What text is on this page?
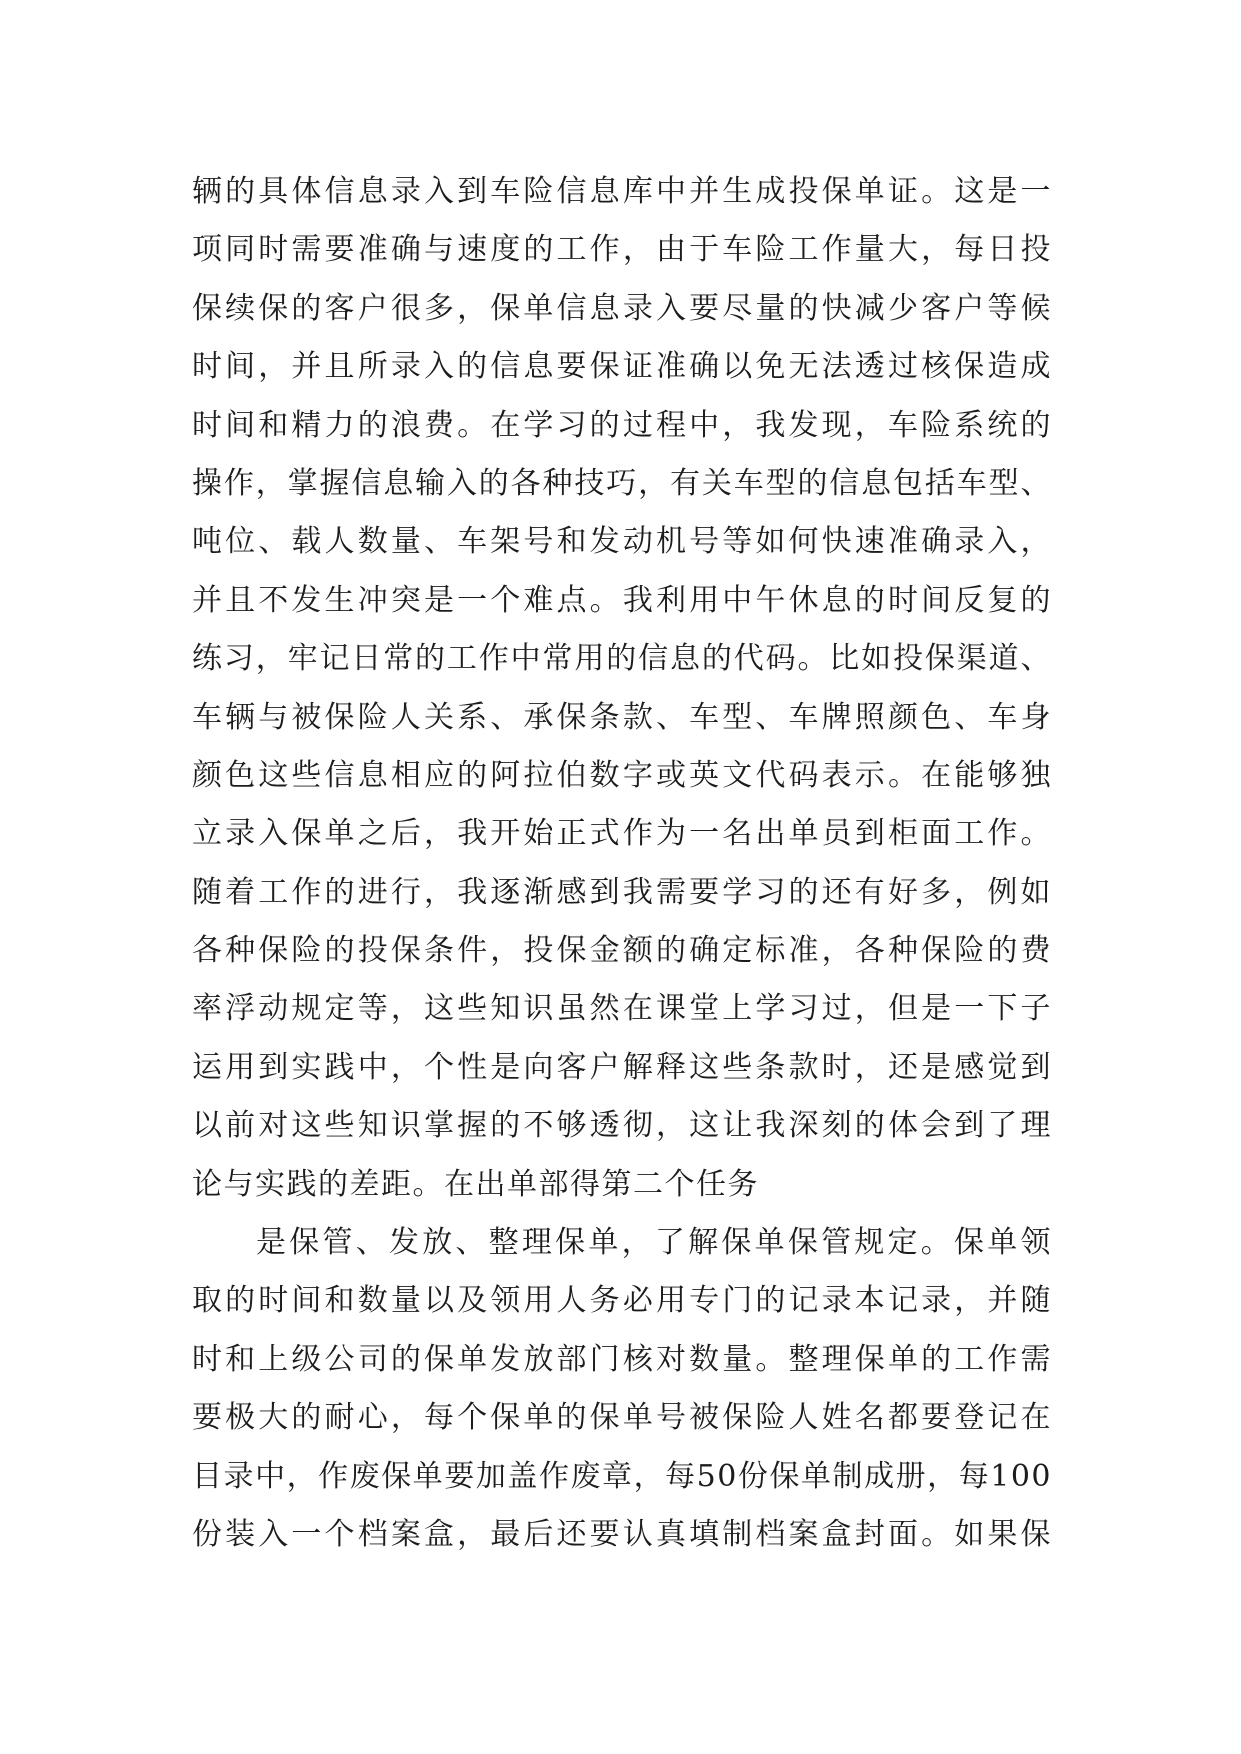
辆的具体信息录入到车险信息库中并生成投保单证。这是一
项同时需要准确与速度的工作，由于车险工作量大，每日投
保续保的客户很多，保单信息录入要尽量的快减少客户等候
时间，并且所录入的信息要保证准确以免无法透过核保造成
时间和精力的浪费。在学习的过程中，我发现，车险系统的
操作，掌握信息输入的各种技巧，有关车型的信息包括车型、
吨位、载人数量、车架号和发动机号等如何快速准确录入，
并且不发生冲突是一个难点。我利用中午休息的时间反复的
练习，牢记日常的工作中常用的信息的代码。比如投保渠道、
车辆与被保险人关系、承保条款、车型、车牌照颜色、车身
颜色这些信息相应的阿拉伯数字或英文代码表示。在能够独
立录入保单之后，我开始正式作为一名出单员到柜面工作。
随着工作的进行，我逐渐感到我需要学习的还有好多，例如
各种保险的投保条件，投保金额的确定标准，各种保险的费
率浮动规定等，这些知识虽然在课堂上学习过，但是一下子
运用到实践中，个性是向客户解释这些条款时，还是感觉到
以前对这些知识掌握的不够透彻，这让我深刻的体会到了理
论与实践的差距。在出单部得第二个任务
是保管、发放、整理保单，了解保单保管规定。保单领
取的时间和数量以及领用人务必用专门的记录本记录，并随
时和上级公司的保单发放部门核对数量。整理保单的工作需
要极大的耐心，每个保单的保单号被保险人姓名都要登记在
目录中，作废保单要加盖作废章，每50份保单制成册，每100
份装入一个档案盒，最后还要认真填制档案盒封面。如果保
